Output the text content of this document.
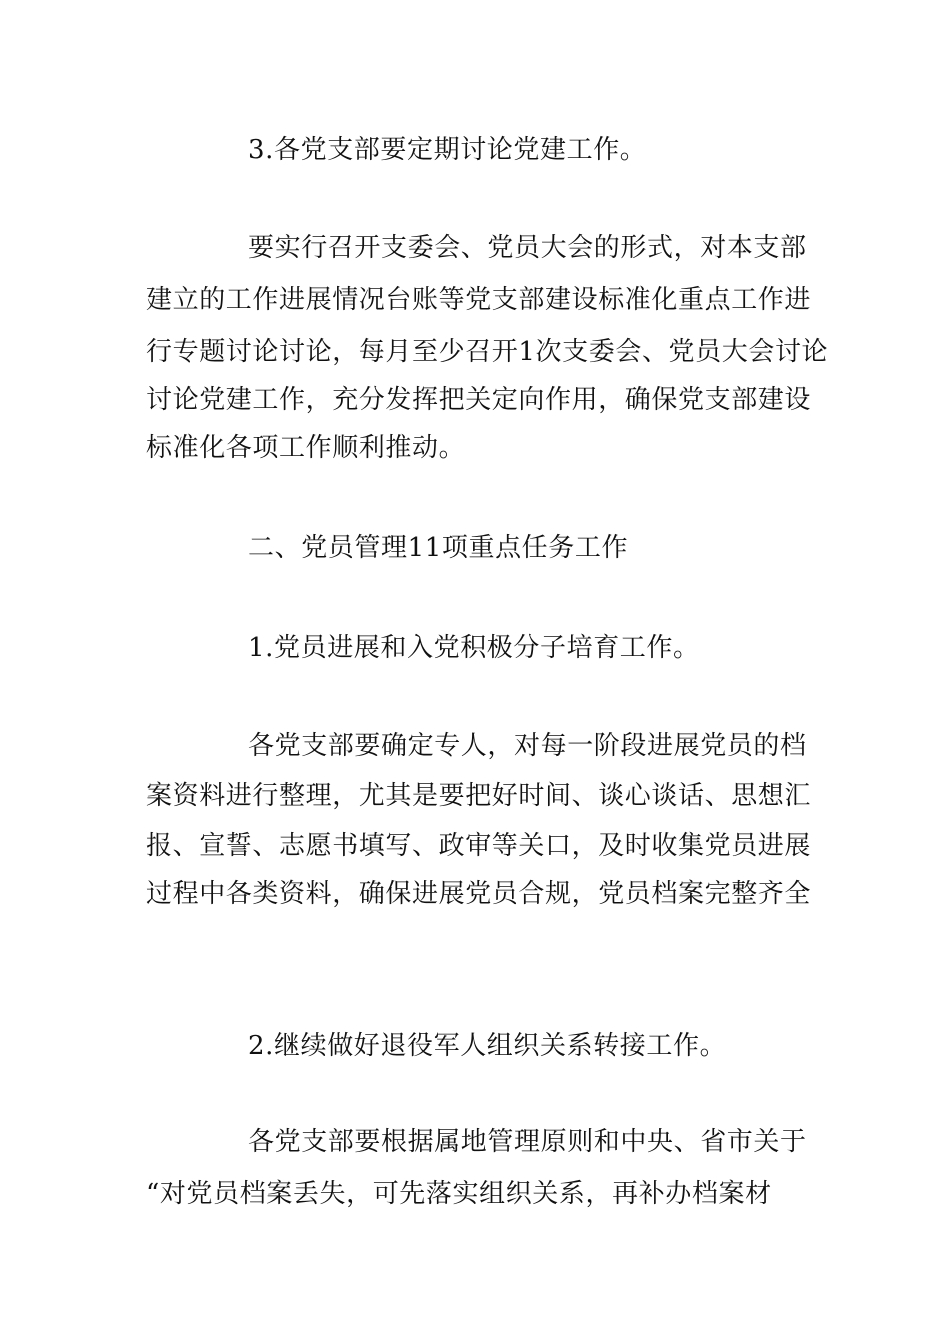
3.各党支部要定期讨论党建工作。
要实行召开支委会、党员大会的形式，对本支部
建立的工作进展情况台账等党支部建设标准化重点工作进
行专题讨论讨论，每月至少召开1次支委会、党员大会讨论
讨论党建工作，充分发挥把关定向作用，确保党支部建设
标准化各项工作顺利推动。
二、党员管理11项重点任务工作
1.党员进展和入党积极分子培育工作。
各党支部要确定专人，对每一阶段进展党员的档
案资料进行整理，尤其是要把好时间、谈心谈话、思想汇
报、宣誓、志愿书填写、政审等关口，及时收集党员进展
过程中各类资料，确保进展党员合规，党员档案完整齐全
2.继续做好退役军人组织关系转接工作。
各党支部要根据属地管理原则和中央、省市关于
“对党员档案丢失，可先落实组织关系，再补办档案材
